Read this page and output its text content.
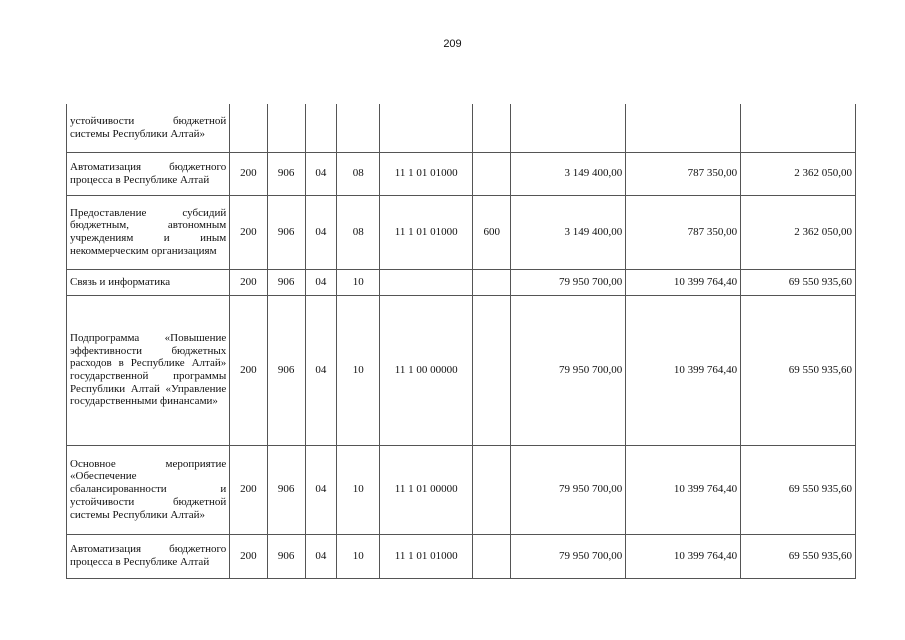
209
устойчивости бюджетной системы Республики Алтай»									
Автоматизация бюджетного процесса в Республике Алтай	200	906	04	08	11 1 01 01000		3 149 400,00	787 350,00	2 362 050,00
Предоставление субсидий бюджетным, автономным учреждениям и иным некоммерческим организациям	200	906	04	08	11 1 01 01000	600	3 149 400,00	787 350,00	2 362 050,00
Связь и информатика	200	906	04	10			79 950 700,00	10 399 764,40	69 550 935,60
Подпрограмма «Повышение эффективности бюджетных расходов в Республике Алтай» государственной программы Республики Алтай «Управление государственными финансами»	200	906	04	10	11 1 00 00000		79 950 700,00	10 399 764,40	69 550 935,60
Основное мероприятие «Обеспечение сбалансированности и устойчивости бюджетной системы Республики Алтай»	200	906	04	10	11 1 01 00000		79 950 700,00	10 399 764,40	69 550 935,60
Автоматизация бюджетного процесса в Республике Алтай	200	906	04	10	11 1 01 01000		79 950 700,00	10 399 764,40	69 550 935,60
